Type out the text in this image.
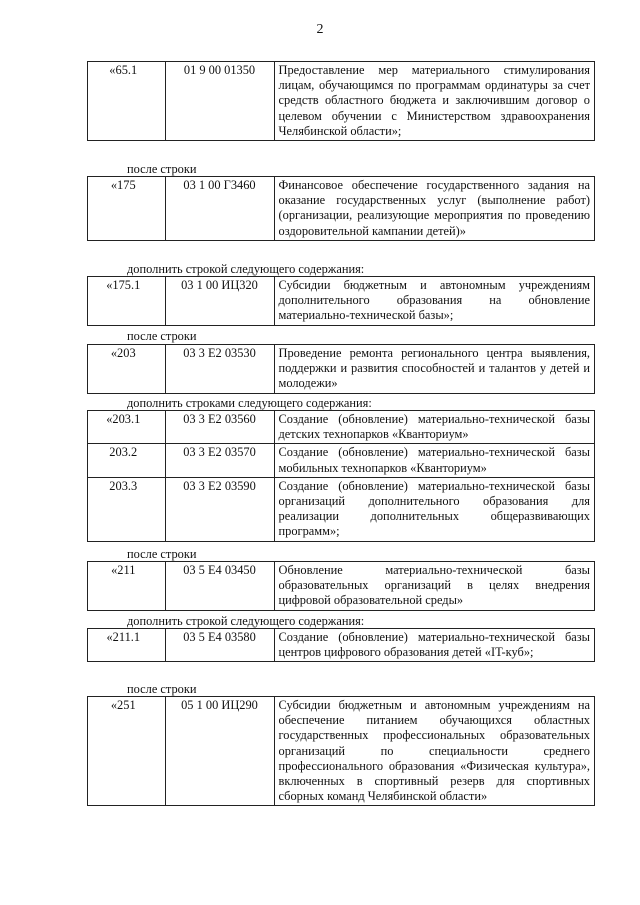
2
«65.1	01 9 00 01350	Предоставление мер материального стимулирования лицам, обучающимся по программам ординатуры за счет средств областного бюджета и заключившим договор о целевом обучении с Министерством здравоохранения Челябинской области»;
после строки
«175	03 1 00 Г3460	Финансовое обеспечение государственного задания на оказание государственных услуг (выполнение работ) (организации, реализующие мероприятия по проведению оздоровительной кампании детей)»
дополнить строкой следующего содержания:
«175.1	03 1 00 ИЦ320	Субсидии бюджетным и автономным учреждениям дополнительного образования на обновление материально-технической базы»;
после строки
«203	03 3 Е2 03530	Проведение ремонта регионального центра выявления, поддержки и развития способностей и талантов у детей и молодежи»
дополнить строками следующего содержания:
«203.1	03 3 Е2 03560	Создание (обновление) материально-технической базы детских технопарков «Кванториум»
203.2	03 3 Е2 03570	Создание (обновление) материально-технической базы мобильных технопарков «Кванториум»
203.3	03 3 Е2 03590	Создание (обновление) материально-технической базы организаций дополнительного образования для реализации дополнительных общеразвивающих программ»;
после строки
«211	03 5 Е4 03450	Обновление материально-технической базы образовательных организаций в целях внедрения цифровой образовательной среды»
дополнить строкой следующего содержания:
«211.1	03 5 Е4 03580	Создание (обновление) материально-технической базы центров цифрового образования детей «IT-куб»;
после строки
«251	05 1 00 ИЦ290	Субсидии бюджетным и автономным учреждениям на обеспечение питанием обучающихся областных государственных профессиональных образовательных организаций по специальности среднего профессионального образования «Физическая культура», включенных в спортивный резерв для спортивных сборных команд Челябинской области»
